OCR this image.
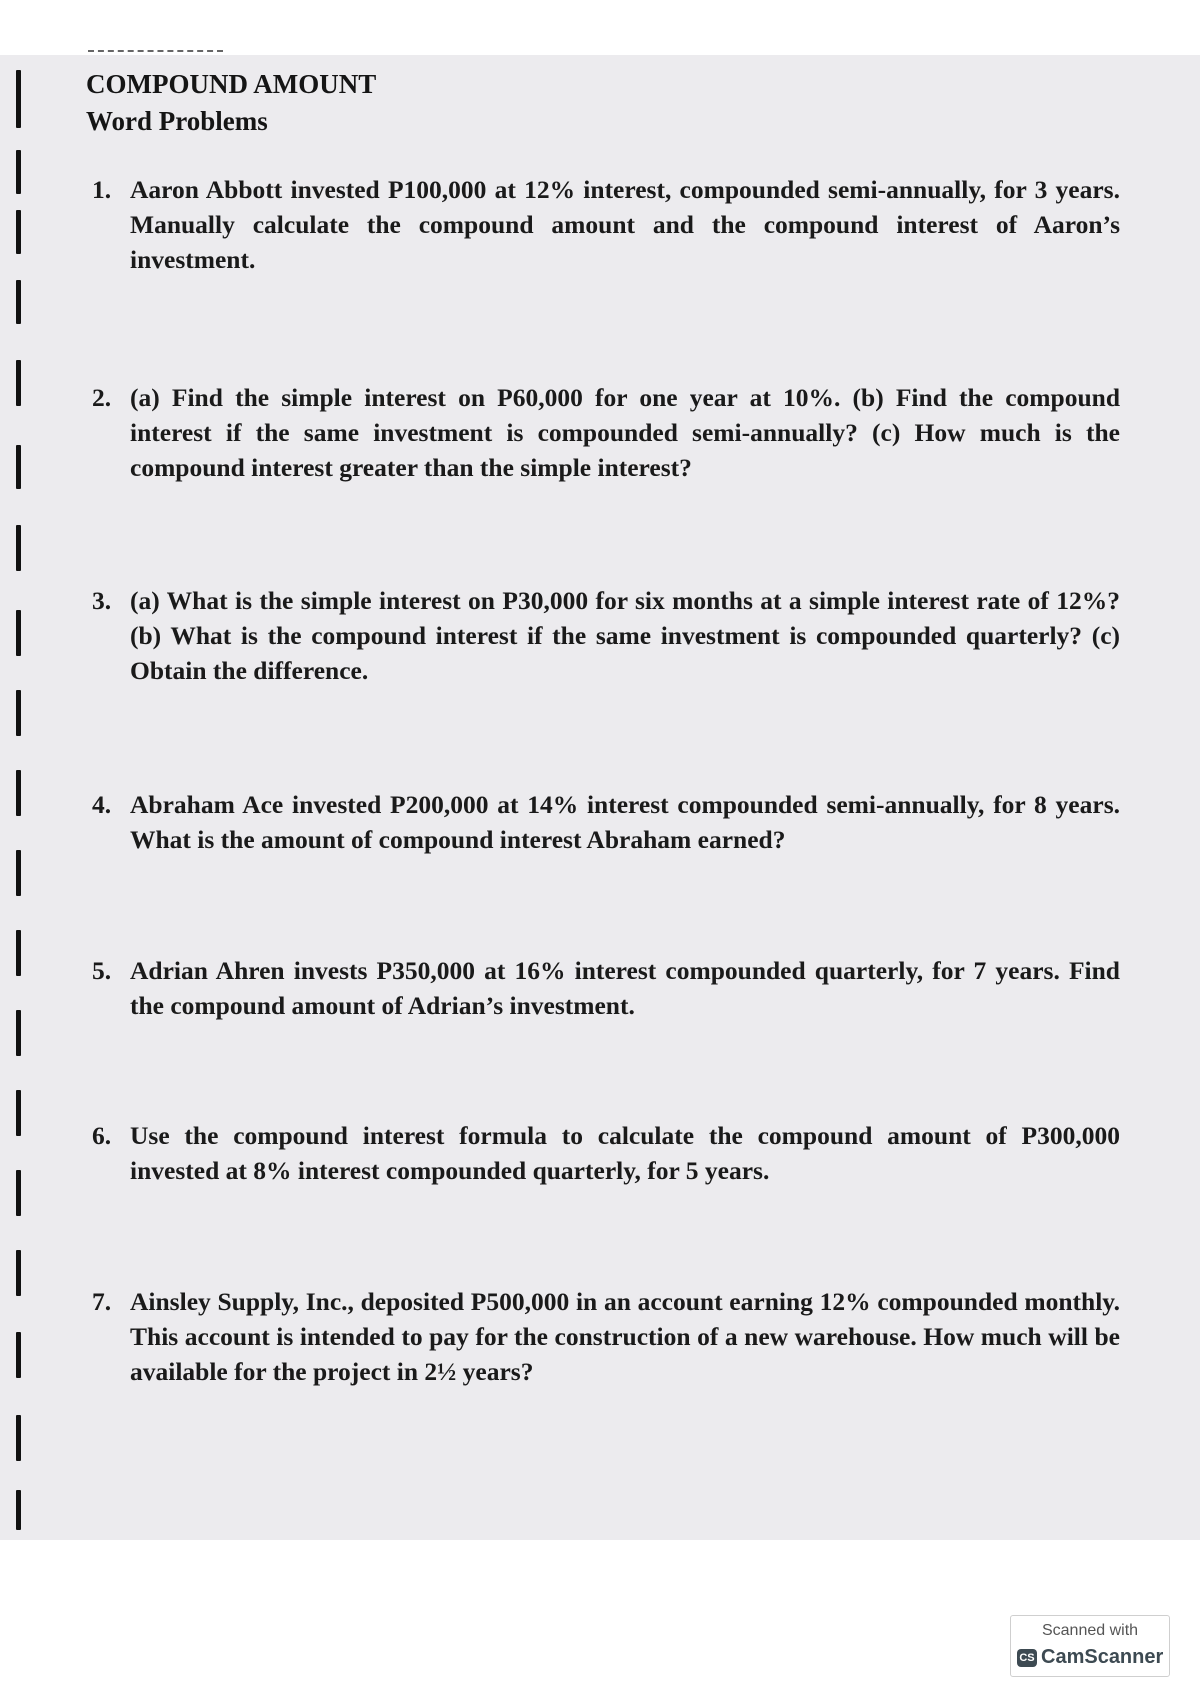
COMPOUND AMOUNT
Word Problems
1. Aaron Abbott invested P100,000 at 12% interest, compounded semi-annually, for 3 years. Manually calculate the compound amount and the compound interest of Aaron’s investment.
2. (a) Find the simple interest on P60,000 for one year at 10%. (b) Find the compound interest if the same investment is compounded semi-annually? (c) How much is the compound interest greater than the simple interest?
3. (a) What is the simple interest on P30,000 for six months at a simple interest rate of 12%? (b) What is the compound interest if the same investment is compounded quarterly? (c) Obtain the difference.
4. Abraham Ace invested P200,000 at 14% interest compounded semi-annually, for 8 years. What is the amount of compound interest Abraham earned?
5. Adrian Ahren invests P350,000 at 16% interest compounded quarterly, for 7 years. Find the compound amount of Adrian’s investment.
6. Use the compound interest formula to calculate the compound amount of P300,000 invested at 8% interest compounded quarterly, for 5 years.
7. Ainsley Supply, Inc., deposited P500,000 in an account earning 12% compounded monthly. This account is intended to pay for the construction of a new warehouse. How much will be available for the project in 2½ years?
Scanned with
CS CamScanner
